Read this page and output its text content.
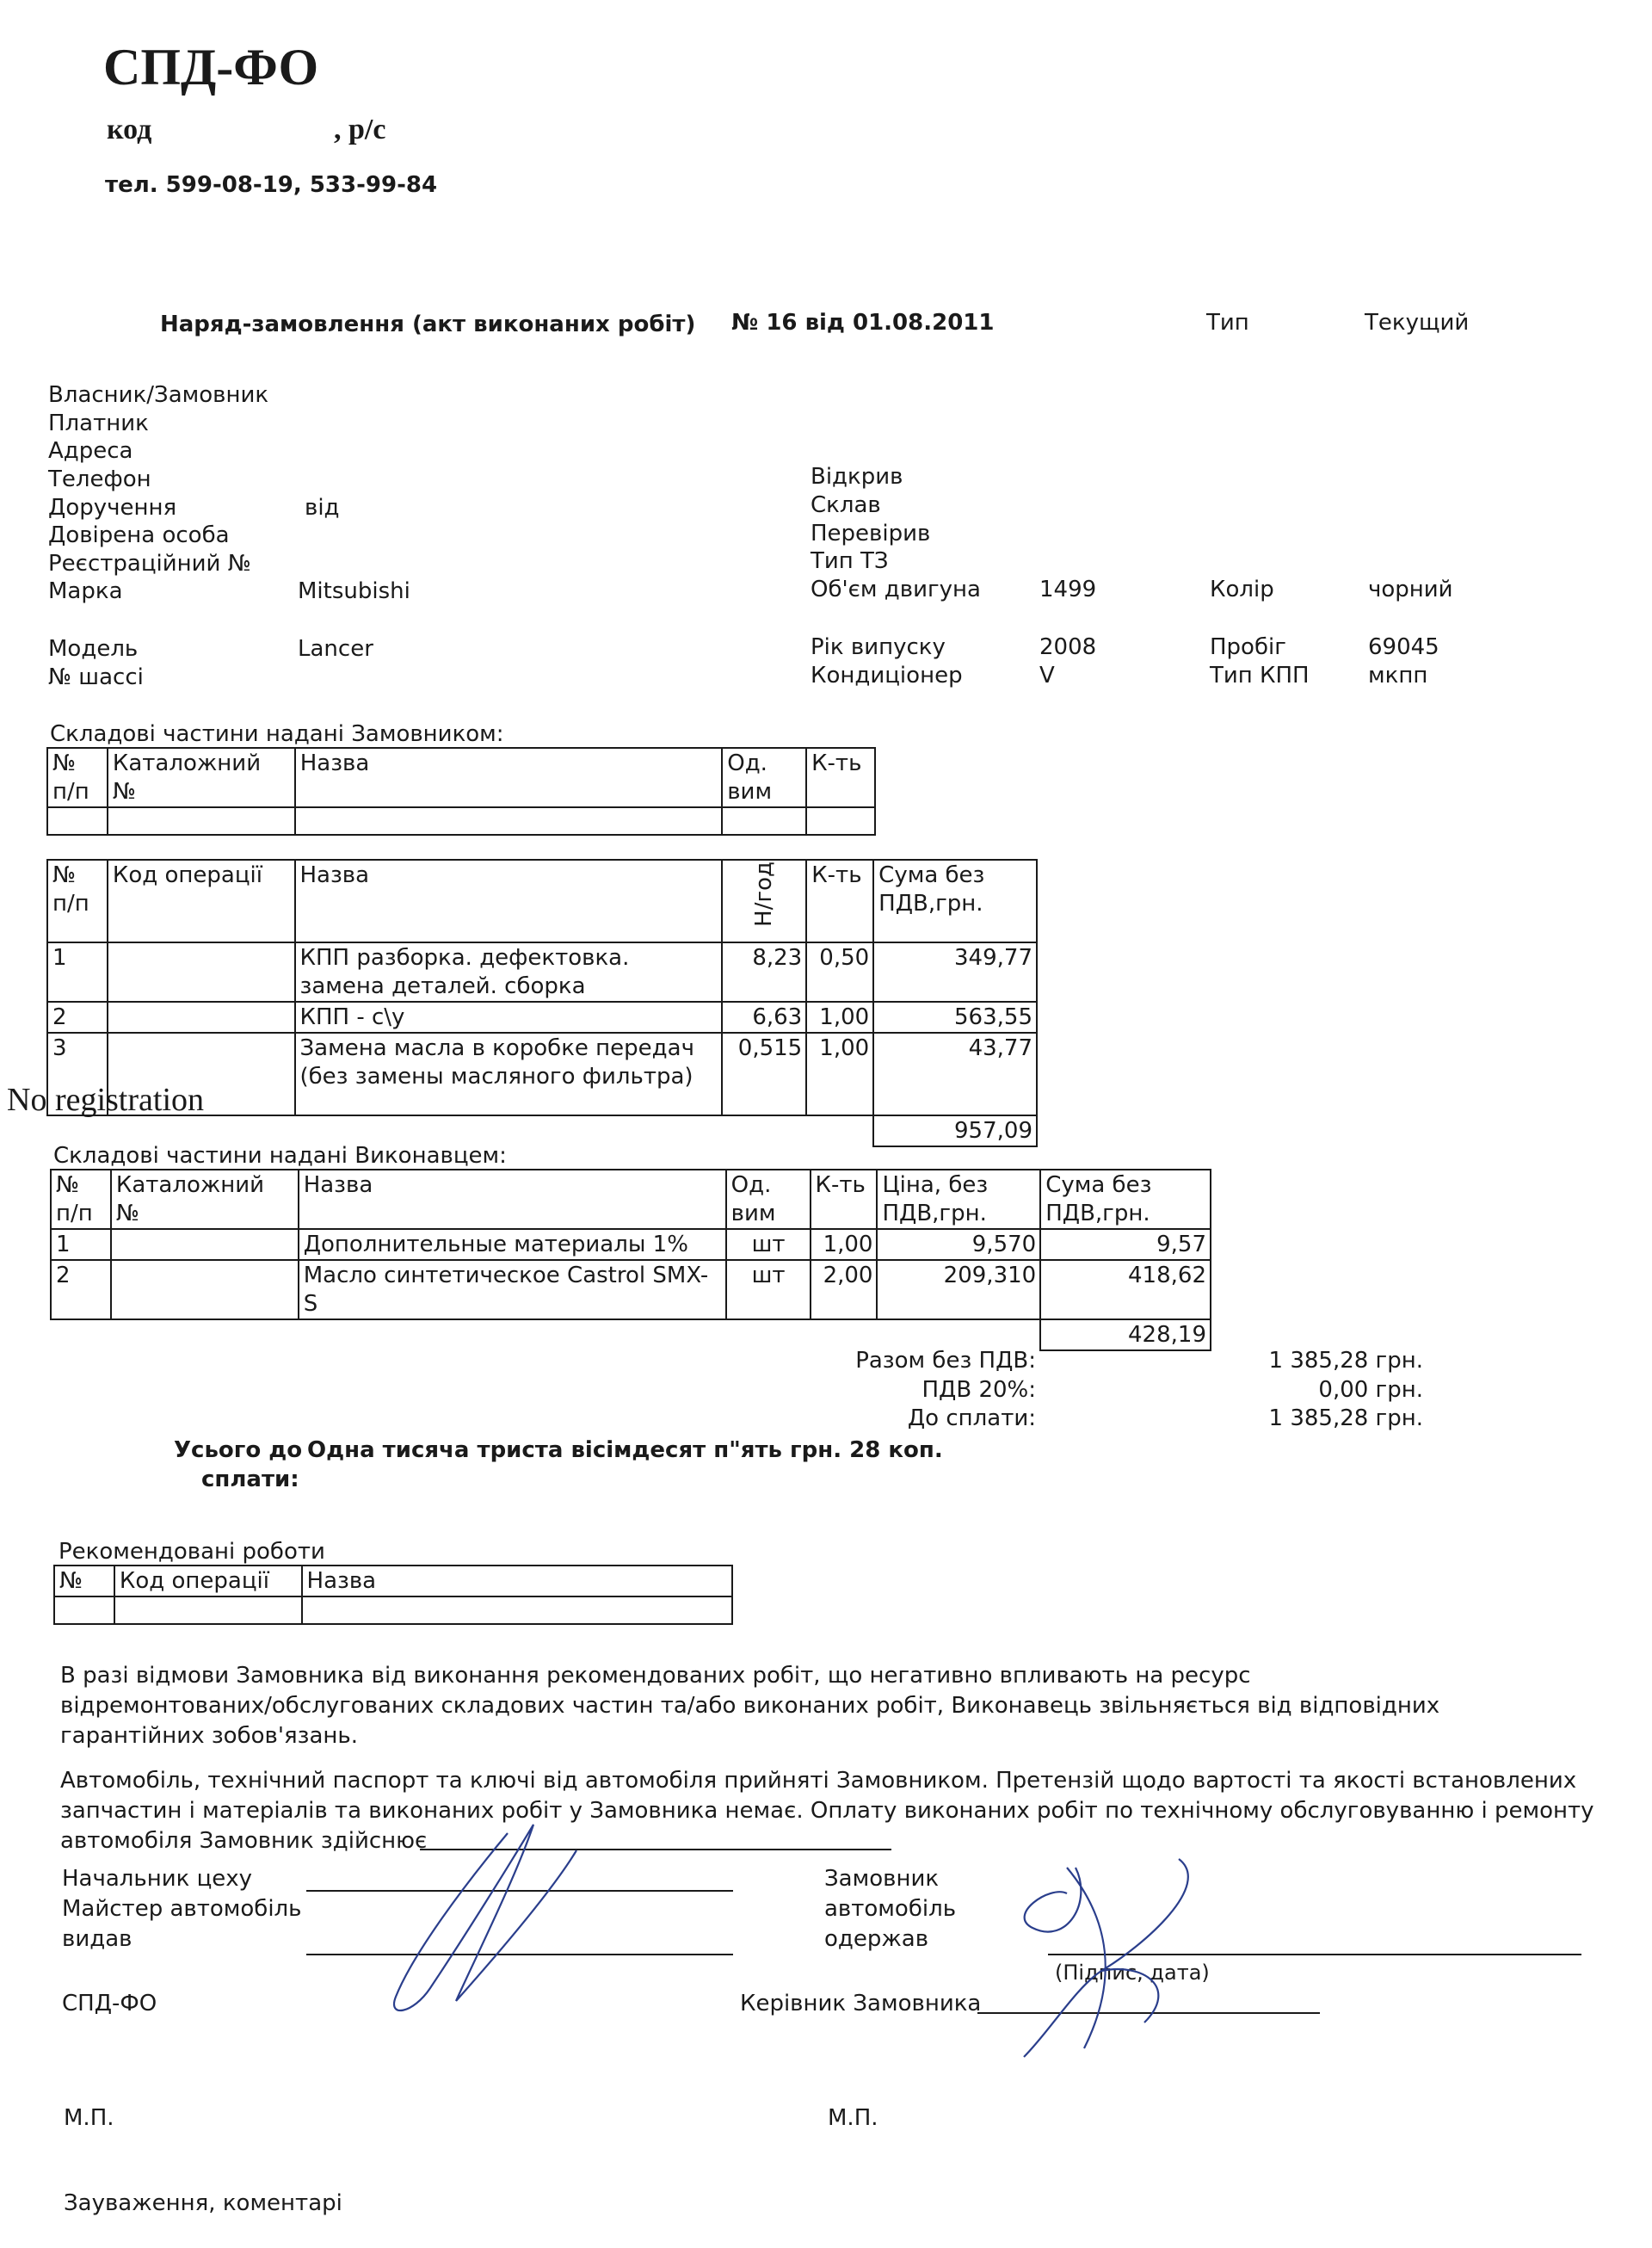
СПД-ФО
код	, р/с
тел. 599-08-19, 533-99-84
Наряд-замовлення (акт виконаних робіт) № 16 від 01.08.2011	Тип	Текущий
Власник/Замовник
Платник
Адреса
Телефон
Доручення	від
Довірена особа
Реєстраційний №
Марка	Mitsubishi
Модель	Lancer
№ шассі
Відкрив
Склав
Перевірив
Тип ТЗ
Об'єм двигуна	1499	Колір	чорний
Рік випуску	2008	Пробіг	69045
Кондиціонер	V	Тип КПП	мкпп
Складові частини надані Замовником:
№ п/п	Каталожний №	Назва	Од. вим	К-ть

№ п/п	Код операції	Назва	Н/год	К-ть	Сума без ПДВ,грн.
1		КПП разборка. дефектовка. замена деталей. сборка	8,23	0,50	349,77
2		КПП - с\у	6,63	1,00	563,55
3		Замена масла в коробке передач (без замены масляного фильтра)	0,515	1,00	43,77
					957,09
No registration
Складові частини надані Виконавцем:
№ п/п	Каталожний №	Назва	Од. вим	К-ть	Ціна, без ПДВ,грн.	Сума без ПДВ,грн.
1		Дополнительные материалы 1%	шт	1,00	9,570	9,57
2		Масло синтетическое Castrol SMX-S	шт	2,00	209,310	418,62
						428,19
Разом без ПДВ:	1 385,28 грн.
ПДВ 20%:	0,00 грн.
До сплати:	1 385,28 грн.
Усього до
сплати:
Одна тисяча триста вісімдесят п"ять грн. 28 коп.
Рекомендовані роботи
№	Код операції	Назва

В разі відмови Замовника від виконання рекомендованих робіт, що негативно впливають на ресурс
відремонтованих/обслугованих складових частин та/або виконаних робіт, Виконавець звільняється від відповідних
гарантійних зобов'язань.
Автомобіль, технічний паспорт та ключі від автомобіля прийняті Замовником. Претензій щодо вартості та якості встановлених
запчастин і матеріалів та виконаних робіт у Замовника немає. Оплату виконаних робіт по технічному обслуговуванню і ремонту
автомобіля Замовник здійснює
Начальник цеху
Майстер автомобіль
видав
Замовник
автомобіль
одержав
(Підпис, дата)
СПД-ФО	Керівник Замовника
М.П.	М.П.
Зауваження, коментарі
